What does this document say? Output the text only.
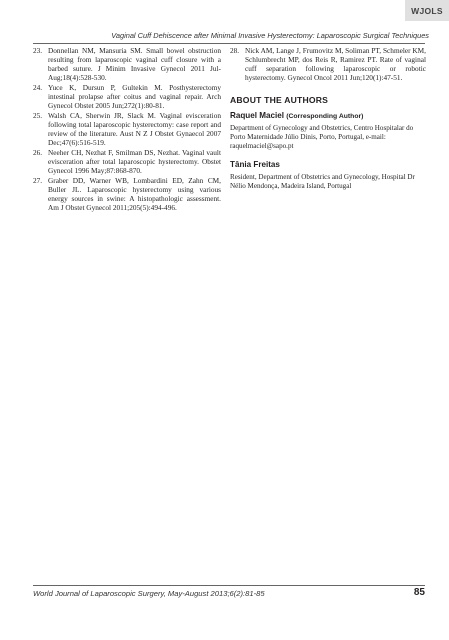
WJOLS
Vaginal Cuff Dehiscence after Minimal Invasive Hysterectomy: Laparoscopic Surgical Techniques
23. Donnellan NM, Mansuria SM. Small bowel obstruction resulting from laparoscopic vaginal cuff closure with a barbed suture. J Minim Invasive Gynecol 2011 Jul-Aug;18(4):528-530.
24. Yuce K, Dursun P, Gultekin M. Posthysterectomy intestinal prolapse after coitus and vaginal repair. Arch Gynecol Obstet 2005 Jun;272(1):80-81.
25. Walsh CA, Sherwin JR, Slack M. Vaginal evisceration following total laparoscopic hysterectomy: case report and review of the literature. Aust N Z J Obstet Gynaecol 2007 Dec;47(6):516-519.
26. Neeher CH, Nezhat F, Smilman DS, Nezhat. Vaginal vault evisceration after total laparoscopic hysterectomy. Obstet Gynecol 1996 May;87:868-870.
27. Graber DD, Warner WB, Lombardini ED, Zahn CM, Buller JL. Laparoscopic hysterectomy using various energy sources in swine: A histopathologic assessment. Am J Obstet Gynecol 2011;205(5):494-496.
28. Nick AM, Lange J, Frumovitz M, Soliman PT, Schmeler KM, Schlumbrecht MP, dos Reis R, Ramirez PT. Rate of vaginal cuff separation following laparoscopic or robotic hysterectomy. Gynecol Oncol 2011 Jun;120(1):47-51.
ABOUT THE AUTHORS
Raquel Maciel (Corresponding Author)
Department of Gynecology and Obstetrics, Centro Hospitalar do Porto Maternidade Júlio Dinis, Porto, Portugal, e-mail: raquelmaciel@sapo.pt
Tânia Freitas
Resident, Department of Obstetrics and Gynecology, Hospital Dr Nélio Mendonça, Madeira Island, Portugal
World Journal of Laparoscopic Surgery, May-August 2013;6(2):81-85	85
